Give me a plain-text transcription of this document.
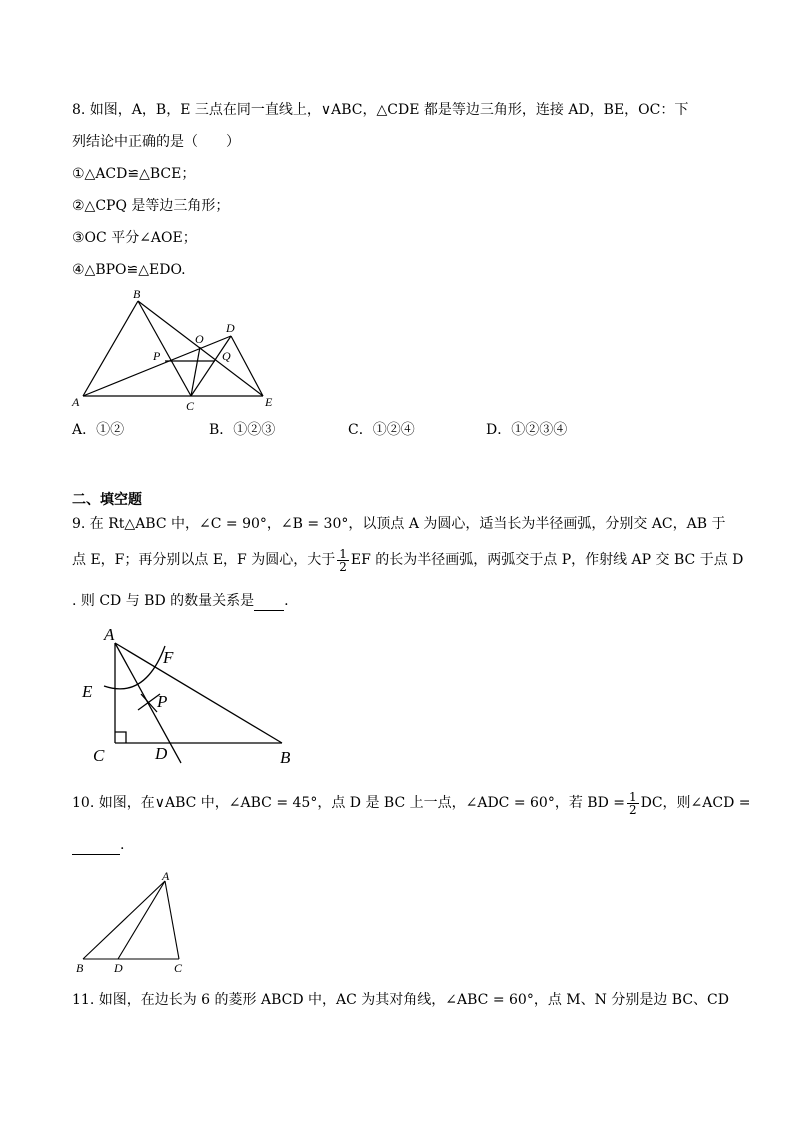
8. 如图，A，B，E 三点在同一直线上，∨ABC，△CDE 都是等边三角形，连接 AD，BE，OC：下
列结论中正确的是（　　）
①△ACD≌△BCE；
②△CPQ 是等边三角形；
③OC 平分∠AOE；
④△BPO≌△EDO.
A
B
C
D
E
O
P	Q
A．①②	B．①②③	C．①②④	D．①②③④
二、填空题
9. 在 Rt△ABC 中，∠C = 90°，∠B = 30°，以顶点 A 为圆心，适当长为半径画弧，分别交 AC，AB 于
点 E，F；再分别以点 E，F 为圆心，大于 $\frac{1}{2}$ EF 的长为半径画弧，两弧交于点 P，作射线 AP 交 BC 于点 D
. 则 CD 与 BD 的数量关系是 .
A
F
E
P
C	D	B
10. 如图，在∨ABC 中，∠ABC = 45°，点 D 是 BC 上一点，∠ADC = 60°，若 BD = $\frac{1}{2}$ DC，则∠ACD =
.
A
B	D	C
11. 如图，在边长为 6 的菱形 ABCD 中，AC 为其对角线，∠ABC = 60°，点 M、N 分别是边 BC、CD
